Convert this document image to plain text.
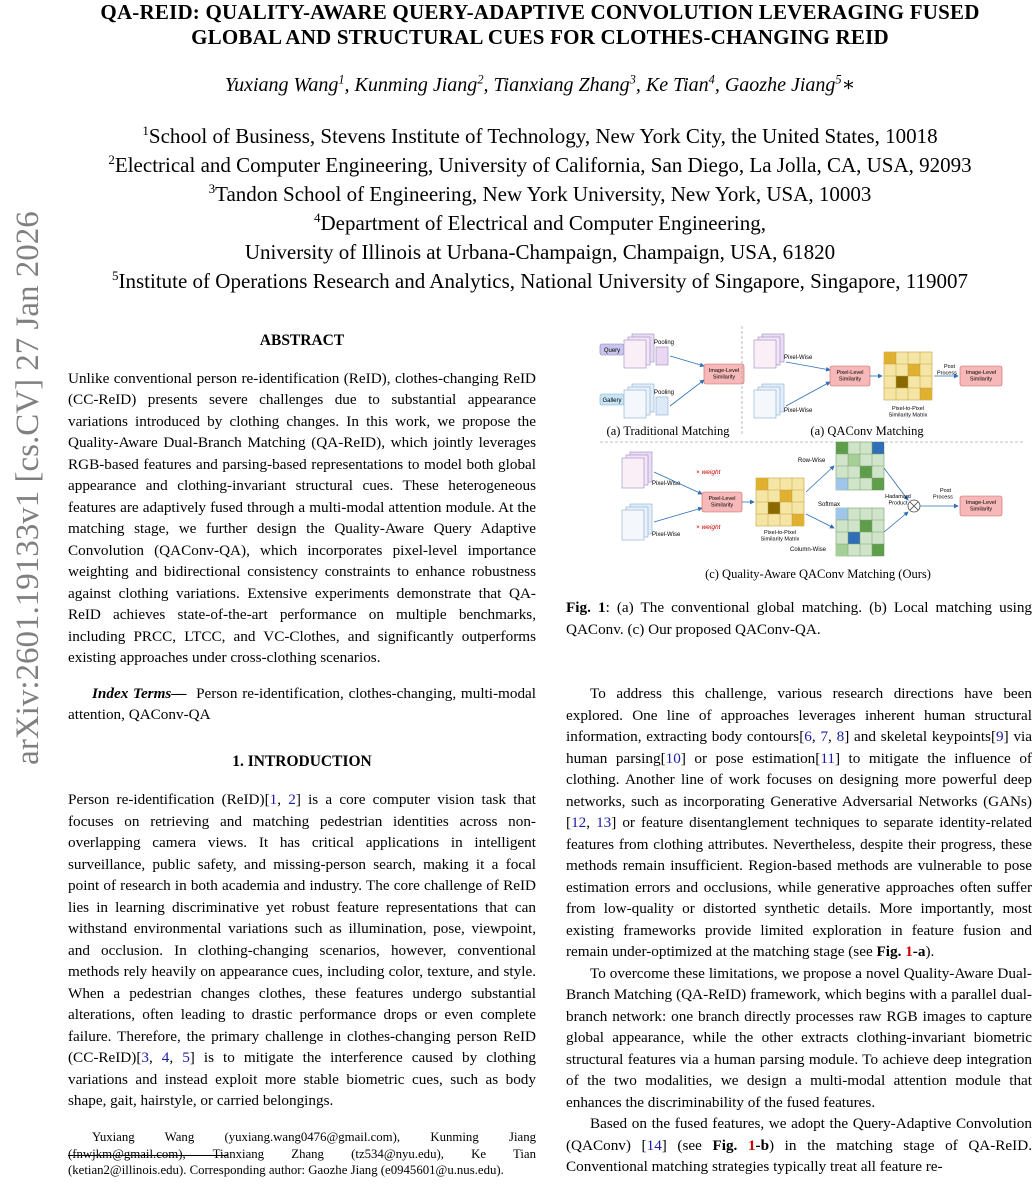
arXiv:2601.19133v1 [cs.CV] 27 Jan 2026
QA-REID: QUALITY-AWARE QUERY-ADAPTIVE CONVOLUTION LEVERAGING FUSED
GLOBAL AND STRUCTURAL CUES FOR CLOTHES-CHANGING REID
Yuxiang Wang$^1$, Kunming Jiang$^2$, Tianxiang Zhang$^3$, Ke Tian$^4$, Gaozhe Jiang$^5$∗
$^1$School of Business, Stevens Institute of Technology, New York City, the United States, 10018
$^2$Electrical and Computer Engineering, University of California, San Diego, La Jolla, CA, USA, 92093
$^3$Tandon School of Engineering, New York University, New York, USA, 10003
$^4$Department of Electrical and Computer Engineering,
University of Illinois at Urbana-Champaign, Champaign, USA, 61820
$^5$Institute of Operations Research and Analytics, National University of Singapore, Singapore, 119007
ABSTRACT

Unlike conventional person re-identification (ReID), clothes-changing ReID (CC-ReID) presents severe challenges due to substantial appearance variations introduced by clothing changes. In this work, we propose the Quality-Aware Dual-Branch Matching (QA-ReID), which jointly leverages RGB-based features and parsing-based representations to model both global appearance and clothing-invariant structural cues. These heterogeneous features are adaptively fused through a multi-modal attention module. At the matching stage, we further design the Quality-Aware Query Adaptive Convolution (QAConv-QA), which incorporates pixel-level importance weighting and bidirectional consistency constraints to enhance robustness against clothing variations. Extensive experiments demonstrate that QA-ReID achieves state-of-the-art performance on multiple benchmarks, including PRCC, LTCC, and VC-Clothes, and significantly outperforms existing approaches under cross-clothing scenarios.

Index Terms— Person re-identification, clothes-changing, multi-modal attention, QAConv-QA

1. INTRODUCTION

Person re-identification (ReID)[1, 2] is a core computer vision task that focuses on retrieving and matching pedestrian identities across non-overlapping camera views. It has critical applications in intelligent surveillance, public safety, and missing-person search, making it a focal point of research in both academia and industry. The core challenge of ReID lies in learning discriminative yet robust feature representations that can withstand environmental variations such as illumination, pose, viewpoint, and occlusion. In clothing-changing scenarios, however, conventional methods rely heavily on appearance cues, including color, texture, and style. When a pedestrian changes clothes, these features undergo substantial alterations, often leading to drastic performance drops or even complete failure. Therefore, the primary challenge in clothes-changing person ReID (CC-ReID)[3, 4, 5] is to mitigate the interference caused by clothing variations and instead exploit more stable biometric cues, such as body shape, gait, hairstyle, or carried belongings.

Yuxiang Wang (yuxiang.wang0476@gmail.com), Kunming Jiang (fnwjkm@gmail.com), Tianxiang Zhang (tz534@nyu.edu), Ke Tian (ketian2@illinois.edu). Corresponding author: Gaozhe Jiang (e0945601@u.nus.edu).

Query
Gallery
Pooling
Pooling
Image-Level Similarity
Pixel-Wise
Pixel-Wise
Pixel-Level Similarity
Pixel-to-Pixel Similarity Matrix
Post Process Image-Level Similarity
(a) Traditional Matching	(a) QAConv Matching
Pixel-Wise
Pixel-Wise
× weight
× weight
Pixel-Level Similarity
Pixel-to-Pixel Similarity Matrix
Softmax
Row-Wise
Column-Wise
Hadamard Product
Post Process
Image-Level Similarity
(c) Quality-Aware QAConv Matching (Ours)

Fig. 1: (a) The conventional global matching. (b) Local matching using QAConv. (c) Our proposed QAConv-QA.

To address this challenge, various research directions have been explored. One line of approaches leverages inherent human structural information, extracting body contours[6, 7, 8] and skeletal keypoints[9] via human parsing[10] or pose estimation[11] to mitigate the influence of clothing. Another line of work focuses on designing more powerful deep networks, such as incorporating Generative Adversarial Networks (GANs)[12, 13] or feature disentanglement techniques to separate identity-related features from clothing attributes. Nevertheless, despite their progress, these methods remain insufficient. Region-based methods are vulnerable to pose estimation errors and occlusions, while generative approaches often suffer from low-quality or distorted synthetic details. More importantly, most existing frameworks provide limited exploration in feature fusion and remain under-optimized at the matching stage (see Fig. 1-a).

To overcome these limitations, we propose a novel Quality-Aware Dual-Branch Matching (QA-ReID) framework, which begins with a parallel dual-branch network: one branch directly processes raw RGB images to capture global appearance, while the other extracts clothing-invariant biometric structural features via a human parsing module. To achieve deep integration of the two modalities, we design a multi-modal attention module that enhances the discriminability of the fused features.

Based on the fused features, we adopt the Query-Adaptive Convolution (QAConv) [14] (see Fig. 1-b) in the matching stage of QA-ReID. Conventional matching strategies typically treat all feature re-
